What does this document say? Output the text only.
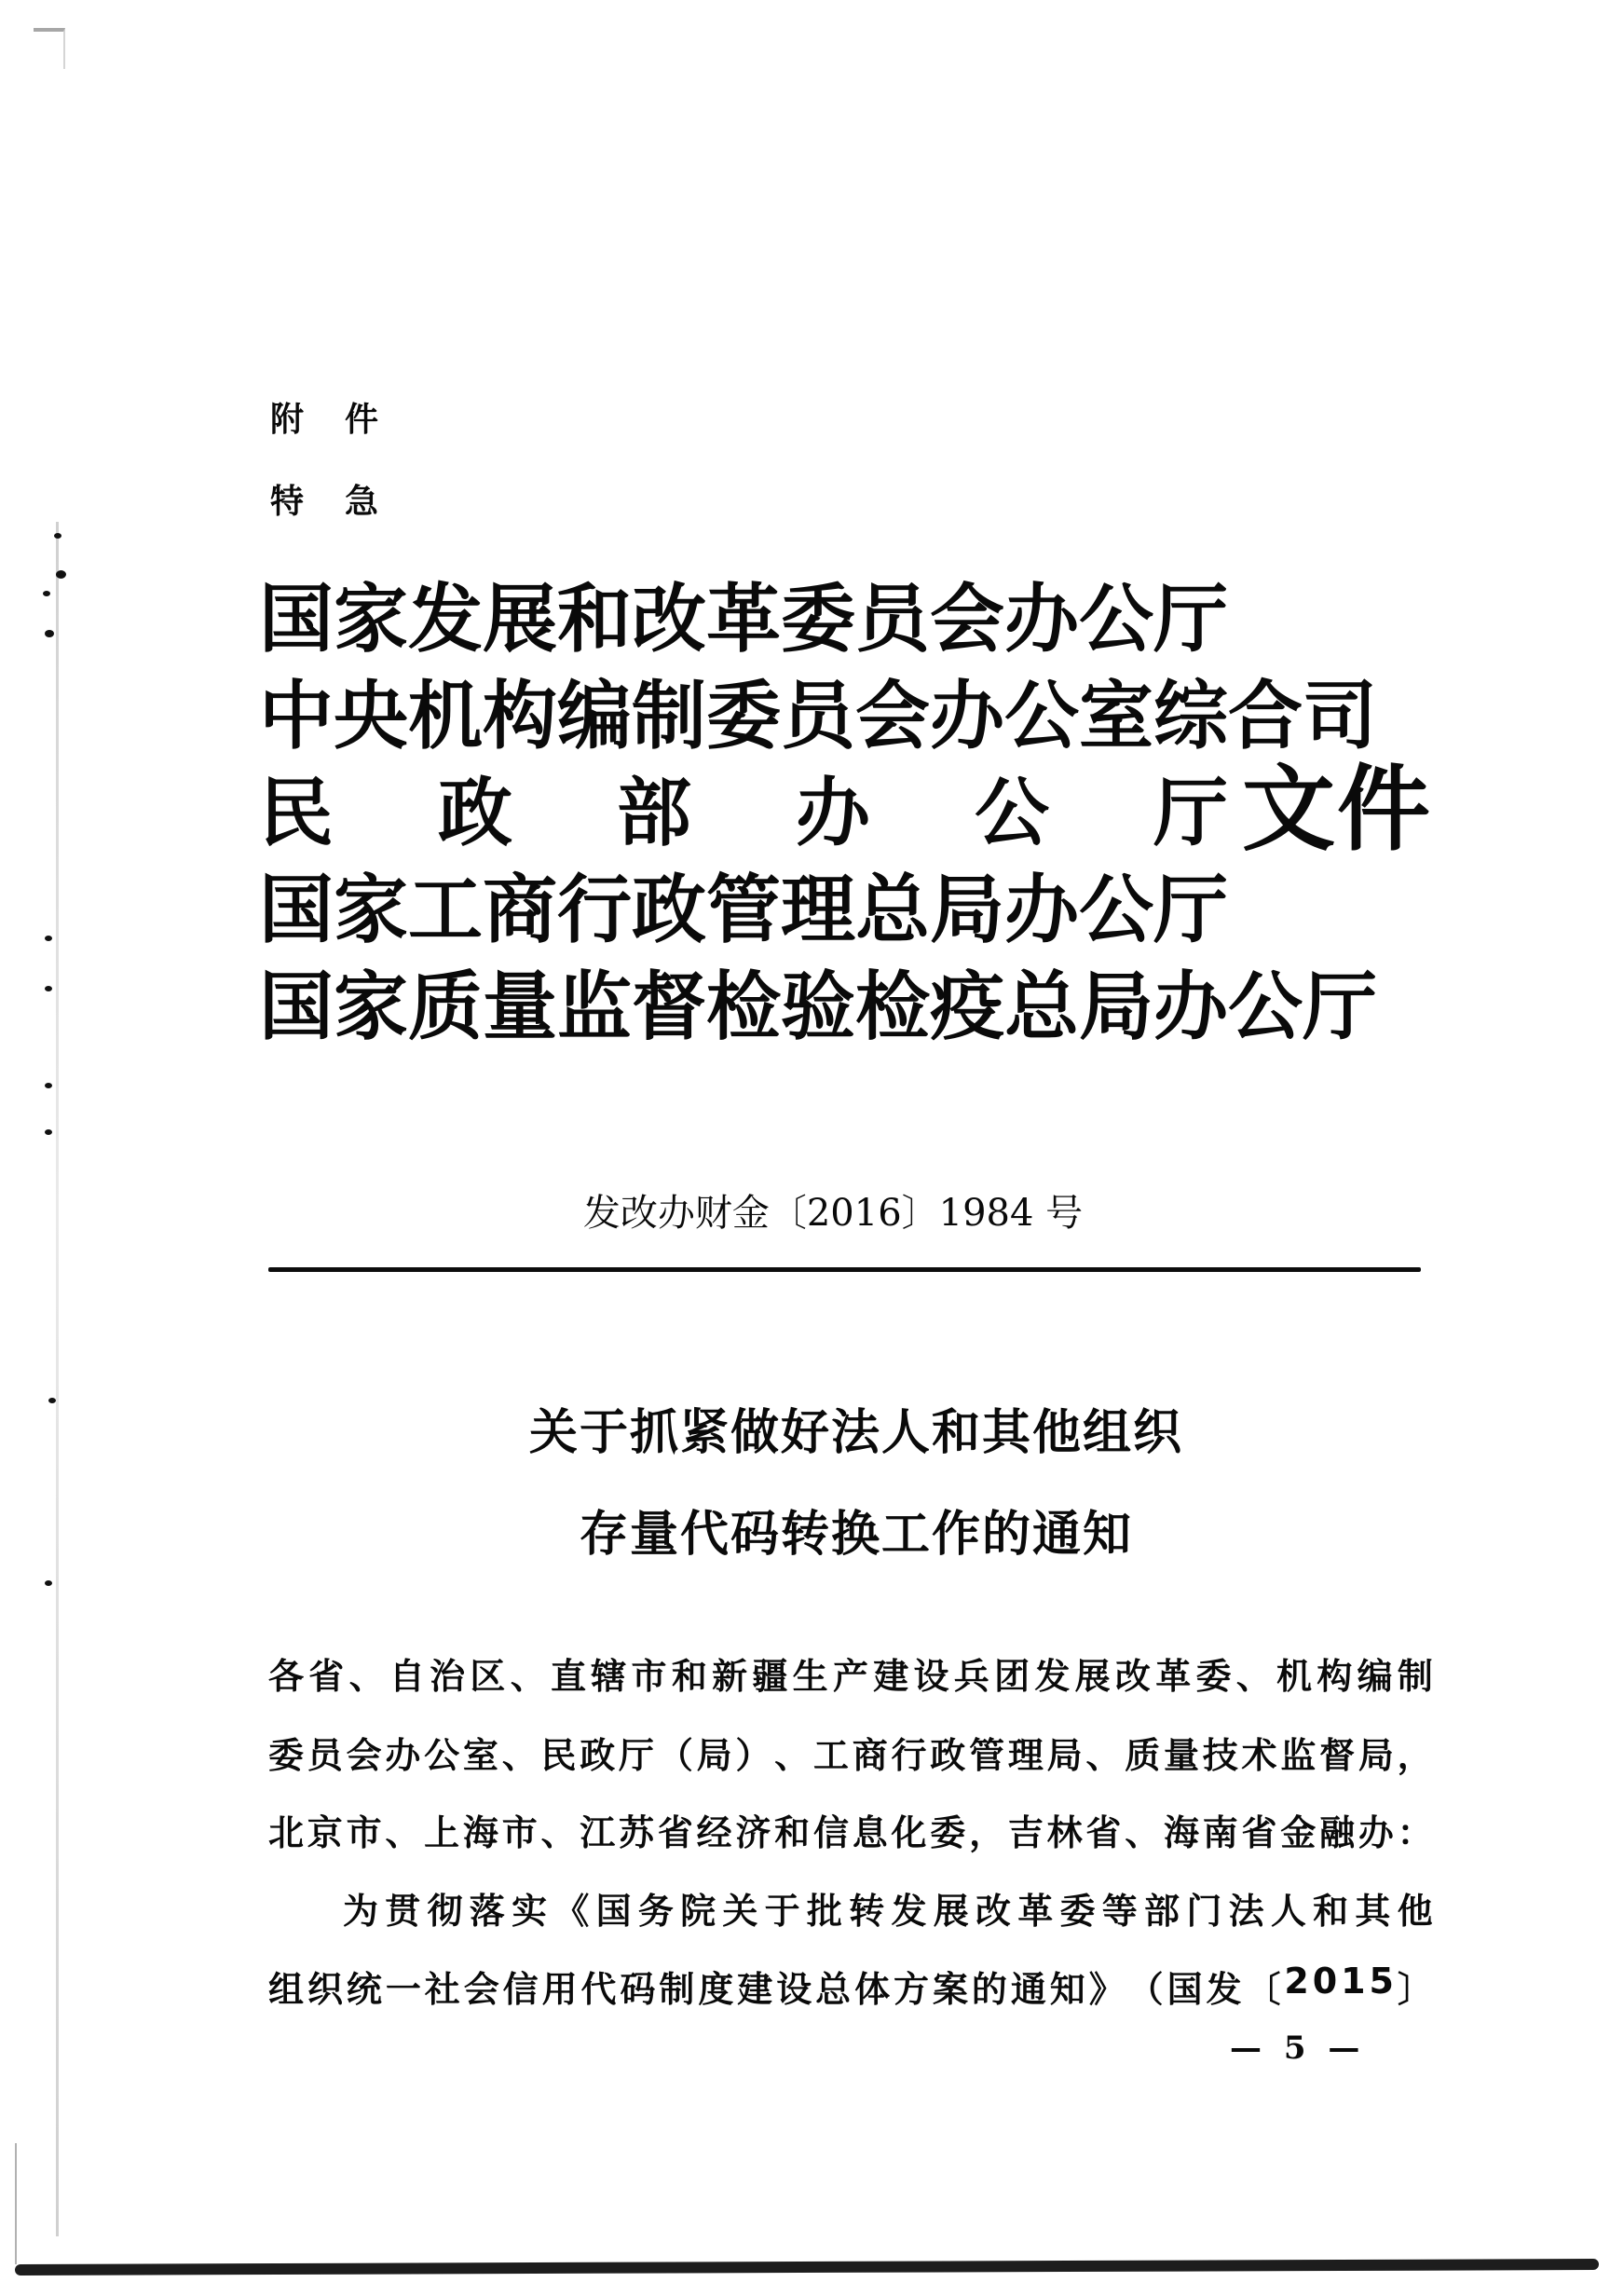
附件
特急
国 家 发 展 和 改 革 委 员 会 办 公 厅
中 央 机 构 编 制 委 员 会 办 公 室 综 合 司
民 政 部 办 公 厅
国 家 工 商 行 政 管 理 总 局 办 公 厅
国 家 质 量 监 督 检 验 检 疫 总 局 办 公 厅
文件
发改办财金〔2016〕1984 号
关于抓紧做好法人和其他组织
存量代码转换工作的通知
各 省 、 自 治 区 、 直 辖 市 和 新 疆 生 产 建 设 兵 团 发 展 改 革 委 、 机 构 编 制
委 员 会 办 公 室 、 民 政 厅 （ 局 ） 、 工 商 行 政 管 理 局 、 质 量 技 术 监 督 局 ，
北 京 市 、 上 海 市 、 江 苏 省 经 济 和 信 息 化 委 ， 吉 林 省 、 海 南 省 金 融 办 ：
为 贯 彻 落 实 《 国 务 院 关 于 批 转 发 展 改 革 委 等 部 门 法 人 和 其 他
组 织 统 一 社 会 信 用 代 码 制 度 建 设 总 体 方 案 的 通 知 》 （ 国 发 〔 2 0 1 5 〕
— 5 —
